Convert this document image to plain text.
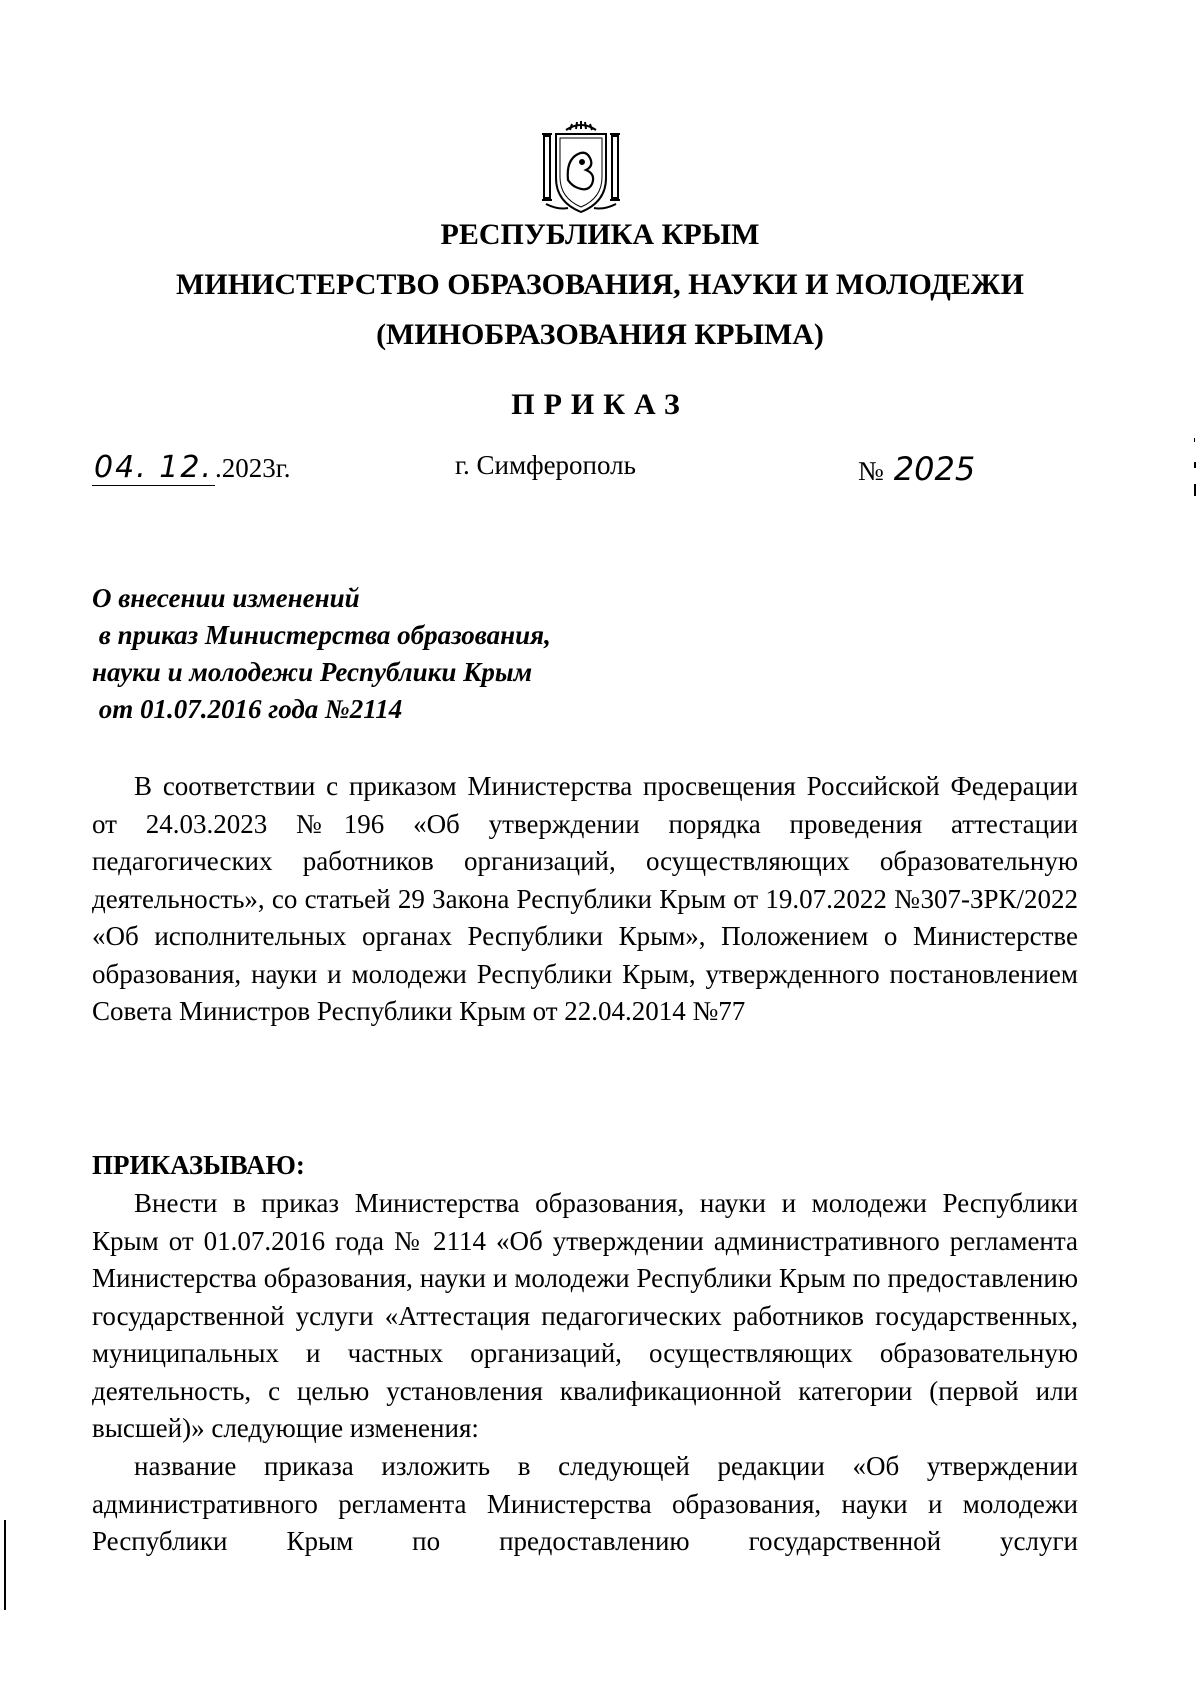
РЕСПУБЛИКА КРЫМ
МИНИСТЕРСТВО ОБРАЗОВАНИЯ, НАУКИ И МОЛОДЕЖИ
(МИНОБРАЗОВАНИЯ КРЫМА)
ПРИКАЗ
04. 12..2023г.	г. Симферополь	№ 2025
О внесении изменений
в приказ Министерства образования,
науки и молодежи Республики Крым
от 01.07.2016 года №2114
В соответствии с приказом Министерства просвещения Российской Федерации от 24.03.2023 №196 «Об утверждении порядка проведения аттестации педагогических работников организаций, осуществляющих образовательную деятельность», со статьей 29 Закона Республики Крым от 19.07.2022 №307-ЗРК/2022 «Об исполнительных органах Республики Крым», Положением о Министерстве образования, науки и молодежи Республики Крым, утвержденного постановлением Совета Министров Республики Крым от 22.04.2014 №77
ПРИКАЗЫВАЮ:
Внести в приказ Министерства образования, науки и молодежи Республики Крым от 01.07.2016 года № 2114 «Об утверждении административного регламента Министерства образования, науки и молодежи Республики Крым по предоставлению государственной услуги «Аттестация педагогических работников государственных, муниципальных и частных организаций, осуществляющих образовательную деятельность, с целью установления квалификационной категории (первой или высшей)» следующие изменения:
название приказа изложить в следующей редакции «Об утверждении административного регламента Министерства образования, науки и молодежи Республики Крым по предоставлению государственной услуги
